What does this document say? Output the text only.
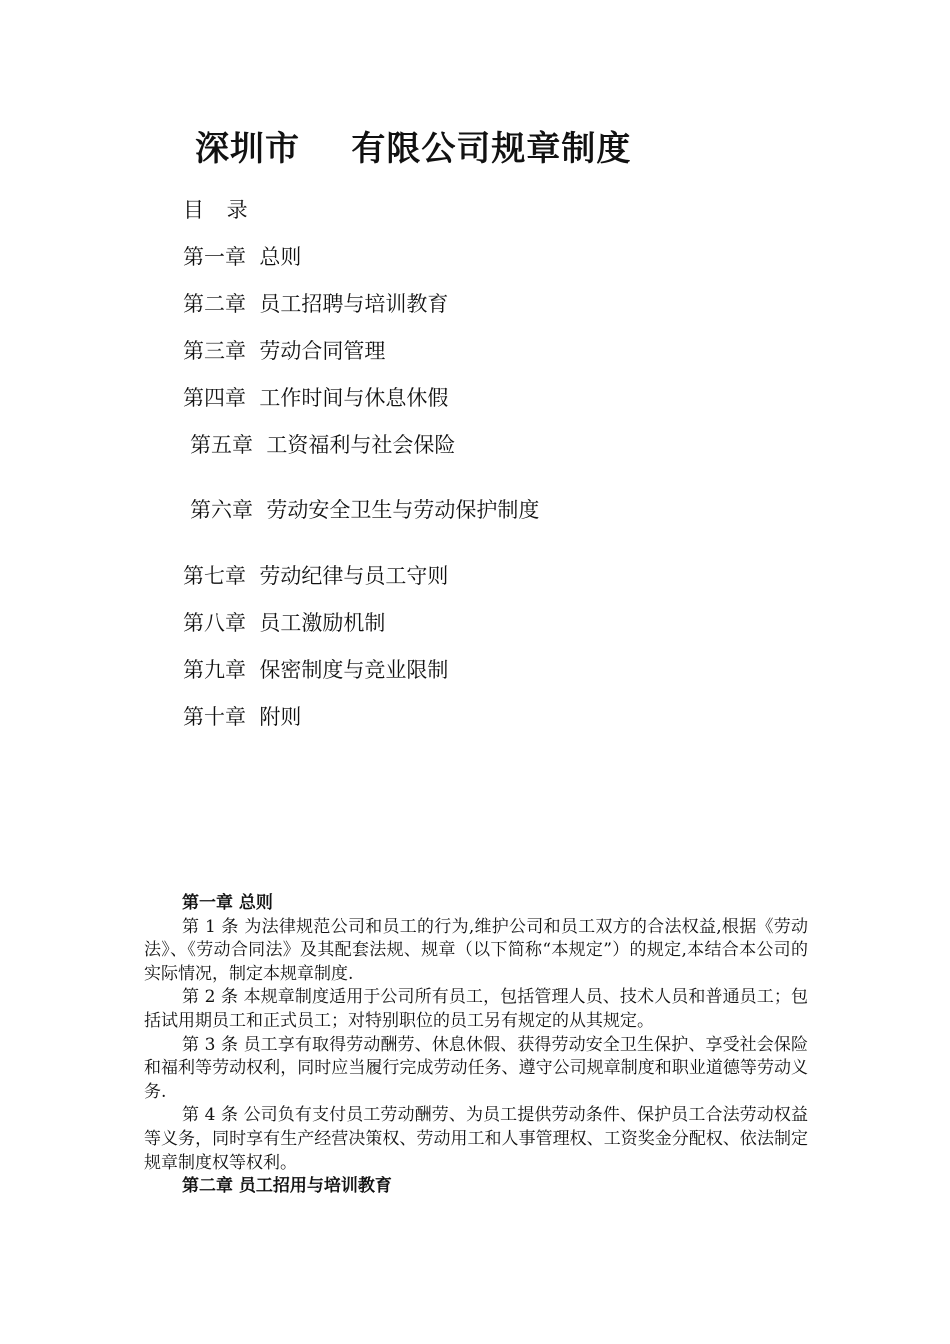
深圳市    有限公司规章制度
目 录
第一章  总则
第二章  员工招聘与培训教育
第三章  劳动合同管理
第四章  工作时间与休息休假
第五章  工资福利与社会保险
第六章  劳动安全卫生与劳动保护制度
第七章  劳动纪律与员工守则
第八章  员工激励机制
第九章  保密制度与竞业限制
第十章  附则

第一章 总则

第 1 条 为法律规范公司和员工的行为,维护公司和员工双方的合法权益,根据《劳动法》、《劳动合同法》及其配套法规、规章（以下简称“本规定”）的规定,本结合本公司的实际情况，制定本规章制度.

第 2 条 本规章制度适用于公司所有员工，包括管理人员、技术人员和普通员工；包括试用期员工和正式员工；对特别职位的员工另有规定的从其规定。

第 3 条 员工享有取得劳动酬劳、休息休假、获得劳动安全卫生保护、享受社会保险和福利等劳动权利，同时应当履行完成劳动任务、遵守公司规章制度和职业道德等劳动义务.

第 4 条 公司负有支付员工劳动酬劳、为员工提供劳动条件、保护员工合法劳动权益等义务，同时享有生产经营决策权、劳动用工和人事管理权、工资奖金分配权、依法制定规章制度权等权利。

第二章 员工招用与培训教育
